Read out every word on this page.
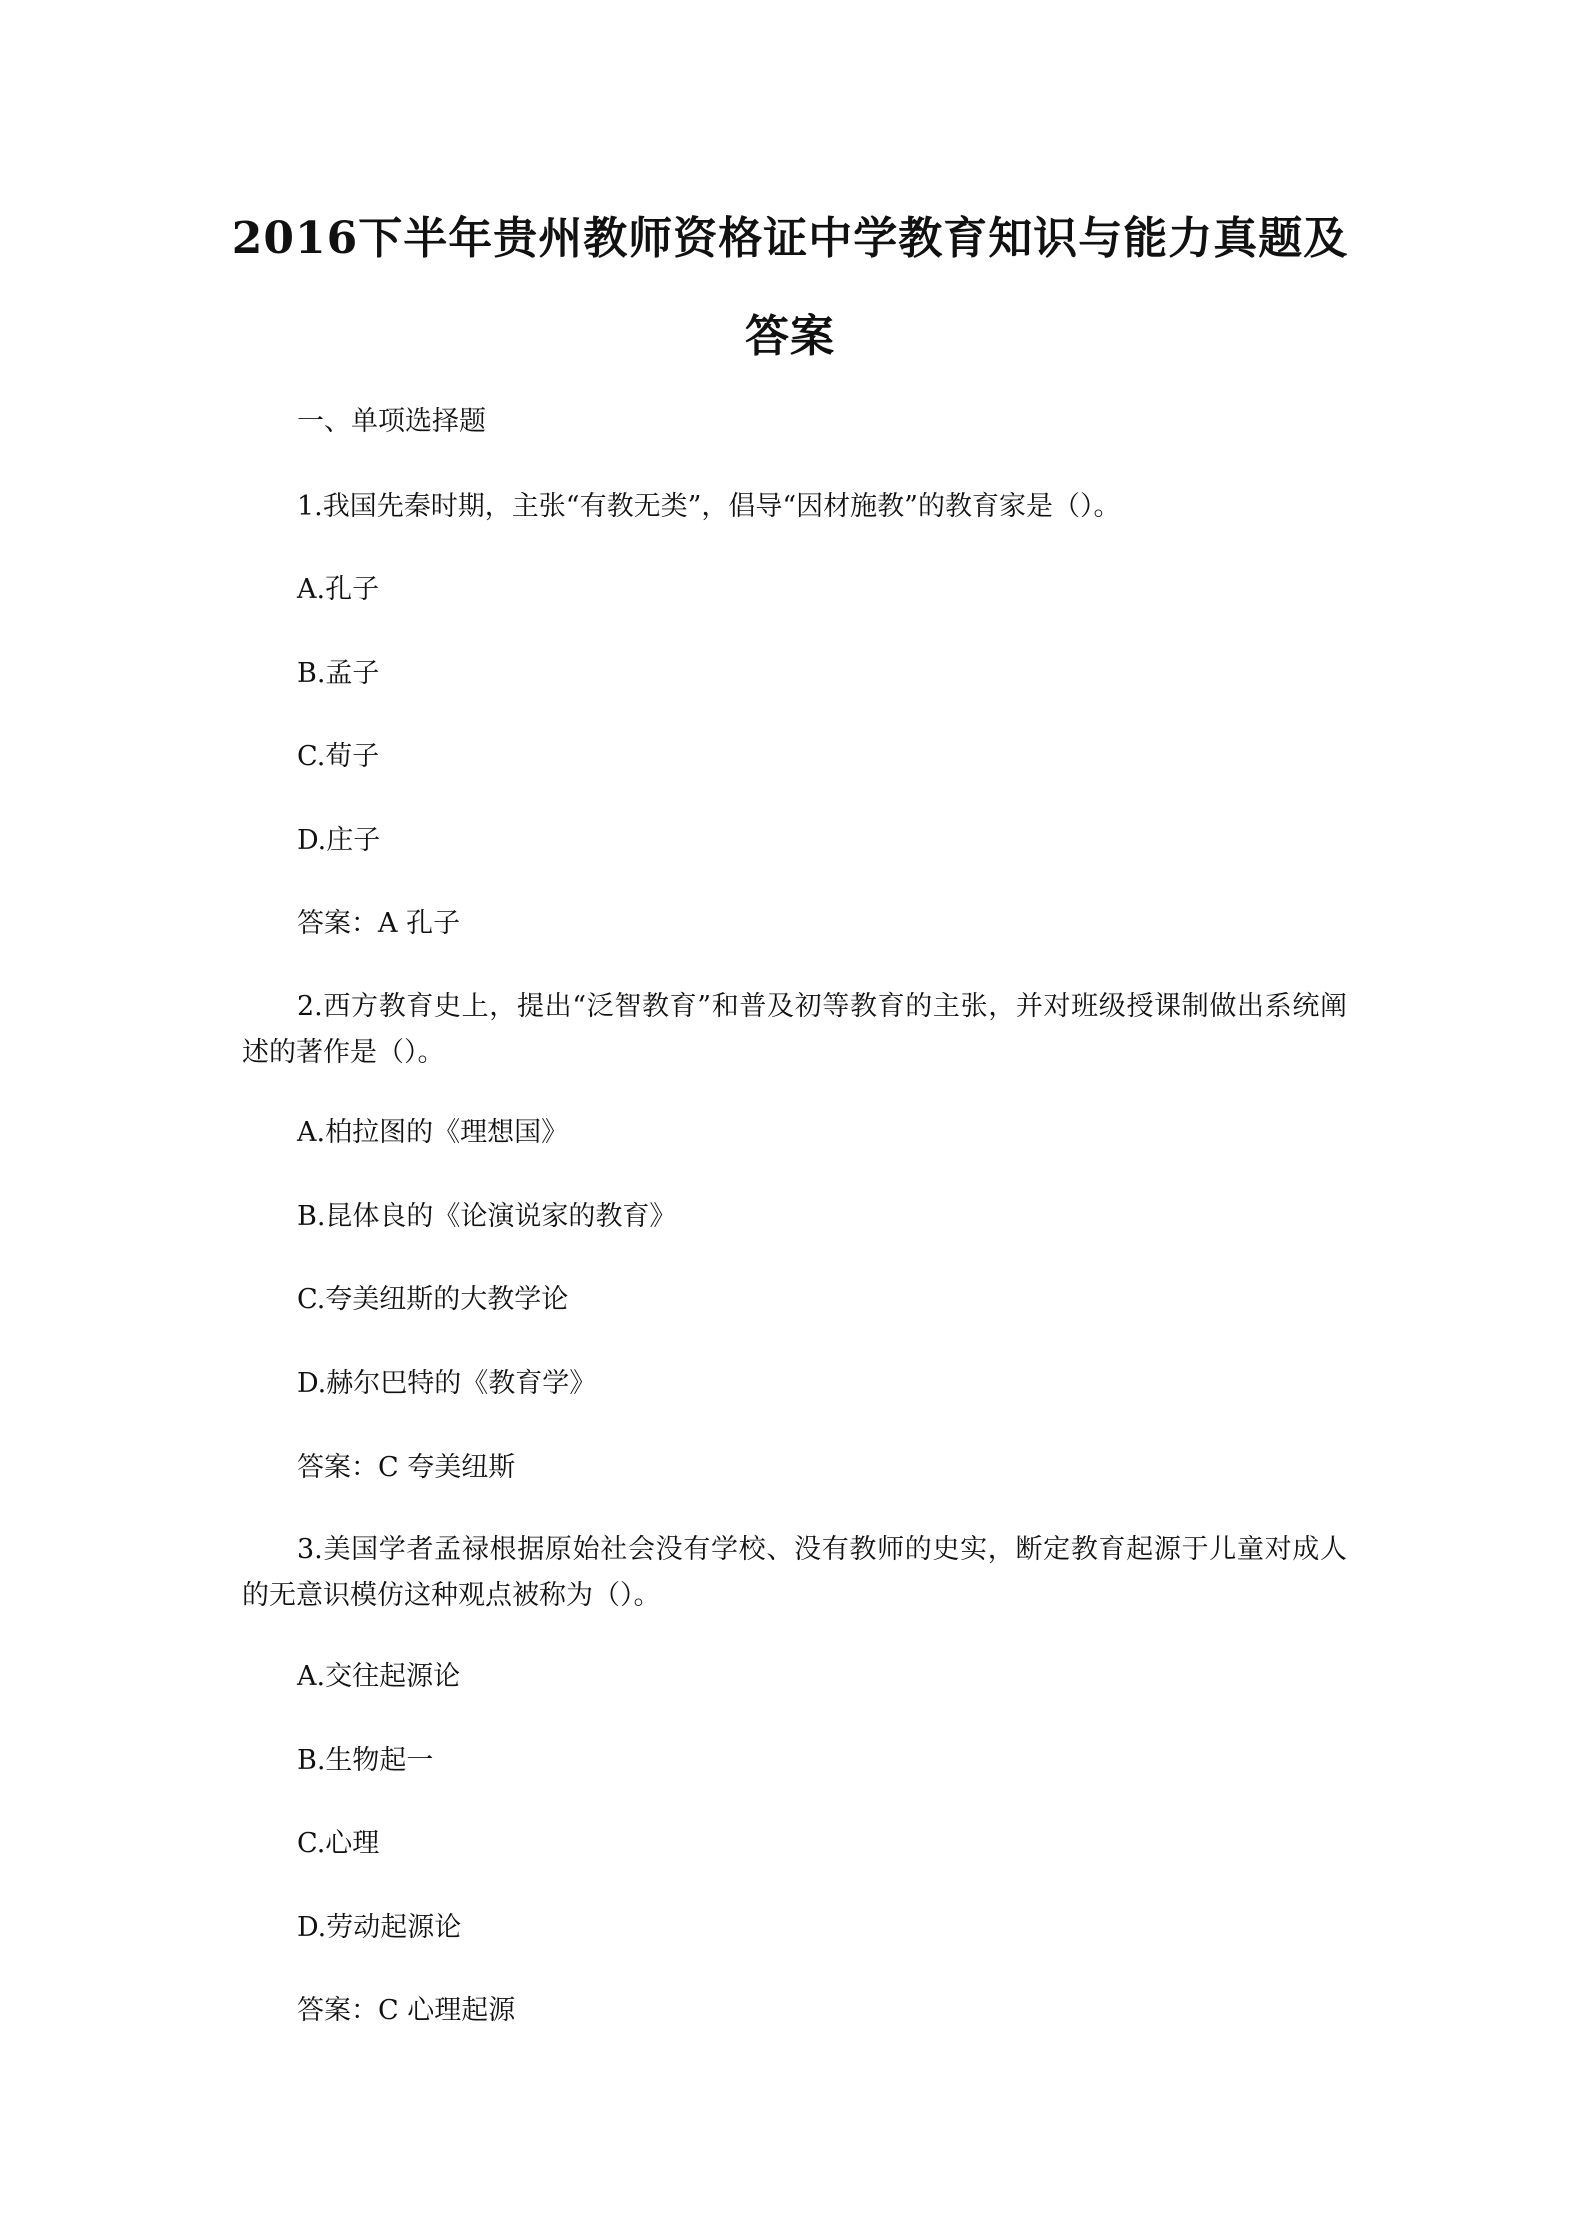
2016下半年贵州教师资格证中学教育知识与能力真题及答案

一、单项选择题

1.我国先秦时期，主张“有教无类”，倡导“因材施教”的教育家是（）。

A.孔子

B.孟子

C.荀子

D.庄子

答案：A 孔子

2.西方教育史上，提出“泛智教育”和普及初等教育的主张，并对班级授课制做出系统阐述的著作是（）。

A.柏拉图的《理想国》

B.昆体良的《论演说家的教育》

C.夸美纽斯的大教学论

D.赫尔巴特的《教育学》

答案：C 夸美纽斯

3.美国学者孟禄根据原始社会没有学校、没有教师的史实，断定教育起源于儿童对成人的无意识模仿这种观点被称为（）。

A.交往起源论

B.生物起一

C.心理

D.劳动起源论

答案：C 心理起源
